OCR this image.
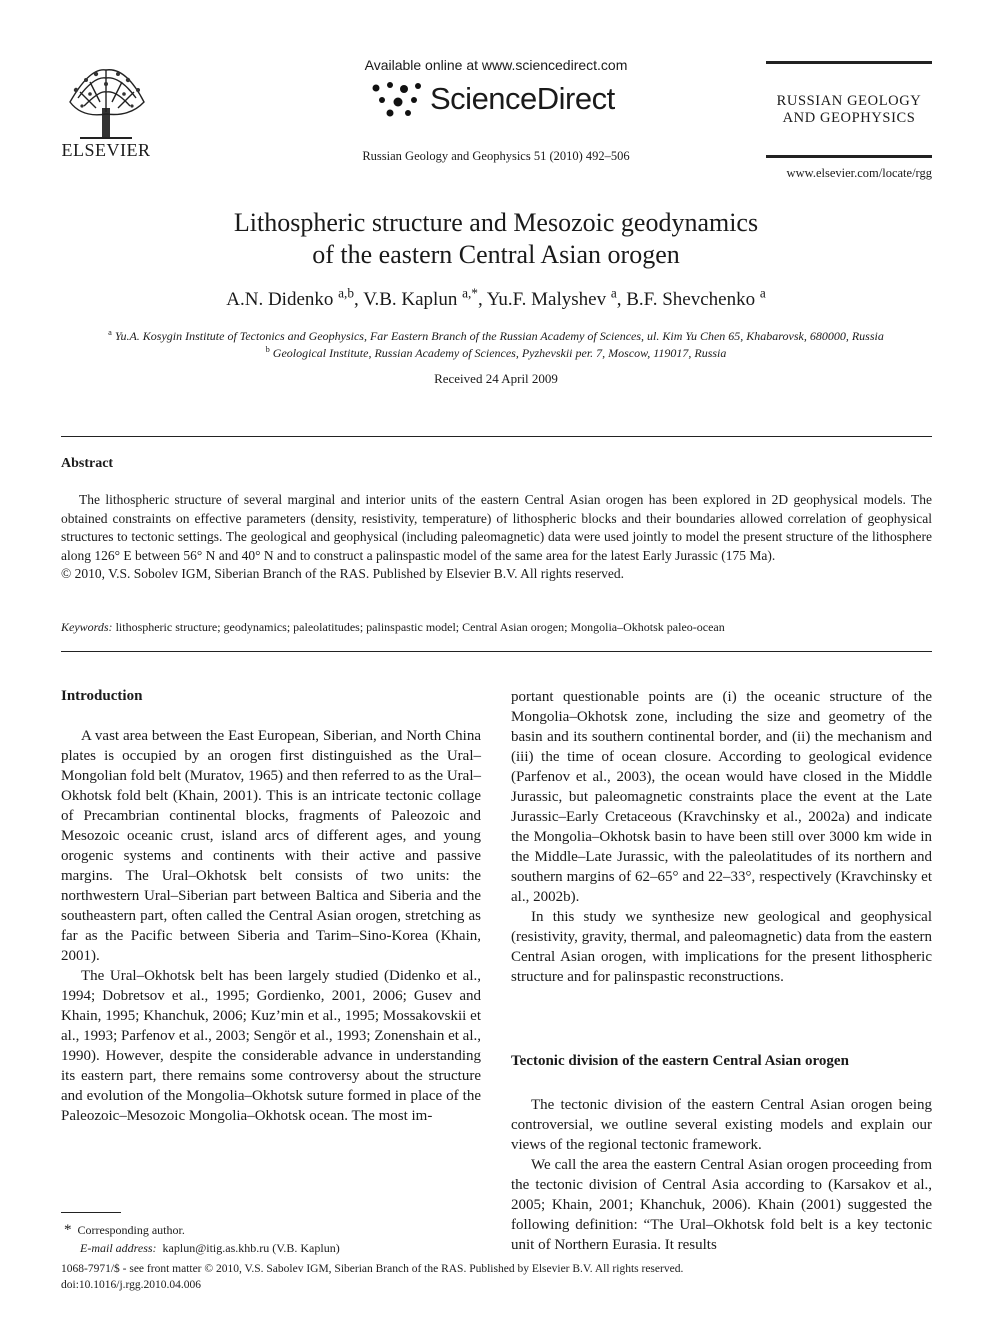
ELSEVIER
Available online at www.sciencedirect.com
ScienceDirect
Russian Geology and Geophysics 51 (2010) 492–506
RUSSIAN GEOLOGY
AND GEOPHYSICS
www.elsevier.com/locate/rgg
Lithospheric structure and Mesozoic geodynamics
of the eastern Central Asian orogen
A.N. Didenko $^{a,b}$, V.B. Kaplun $^{a,*}$, Yu.F. Malyshev $^a$, B.F. Shevchenko $^a$
$^a$ Yu.A. Kosygin Institute of Tectonics and Geophysics, Far Eastern Branch of the Russian Academy of Sciences, ul. Kim Yu Chen 65, Khabarovsk, 680000, Russia
$^b$ Geological Institute, Russian Academy of Sciences, Pyzhevskii per. 7, Moscow, 119017, Russia
Received 24 April 2009
Abstract
The lithospheric structure of several marginal and interior units of the eastern Central Asian orogen has been explored in 2D geophysical models. The obtained constraints on effective parameters (density, resistivity, temperature) of lithospheric blocks and their boundaries allowed correlation of geophysical structures to tectonic settings. The geological and geophysical (including paleomagnetic) data were used jointly to model the present structure of the lithosphere along 126° E between 56° N and 40° N and to construct a palinspastic model of the same area for the latest Early Jurassic (175 Ma).
© 2010, V.S. Sobolev IGM, Siberian Branch of the RAS. Published by Elsevier B.V. All rights reserved.
Keywords: lithospheric structure; geodynamics; paleolatitudes; palinspastic model; Central Asian orogen; Mongolia–Okhotsk paleo-ocean
Introduction

A vast area between the East European, Siberian, and North China plates is occupied by an orogen first distinguished as the Ural–Mongolian fold belt (Muratov, 1965) and then referred to as the Ural–Okhotsk fold belt (Khain, 2001). This is an intricate tectonic collage of Precambrian continental blocks, fragments of Paleozoic and Mesozoic oceanic crust, island arcs of different ages, and young orogenic systems and continents with their active and passive margins. The Ural–Okhotsk belt consists of two units: the northwestern Ural–Siberian part between Baltica and Siberia and the southeastern part, often called the Central Asian orogen, stretching as far as the Pacific between Siberia and Tarim–Sino-Korea (Khain, 2001).

The Ural–Okhotsk belt has been largely studied (Didenko et al., 1994; Dobretsov et al., 1995; Gordienko, 2001, 2006; Gusev and Khain, 1995; Khanchuk, 2006; Kuz’min et al., 1995; Mossakovskii et al., 1993; Parfenov et al., 2003; Sengör et al., 1993; Zonenshain et al., 1990). However, despite the considerable advance in understanding its eastern part, there remains some controversy about the structure and evolution of the Mongolia–Okhotsk suture formed in place of the Paleozoic–Mesozoic Mongolia–Okhotsk ocean. The most im-

portant questionable points are (i) the oceanic structure of the Mongolia–Okhotsk zone, including the size and geometry of the basin and its southern continental border, and (ii) the mechanism and (iii) the time of ocean closure. According to geological evidence (Parfenov et al., 2003), the ocean would have closed in the Middle Jurassic, but paleomagnetic constraints place the event at the Late Jurassic–Early Cretaceous (Kravchinsky et al., 2002a) and indicate the Mongolia–Okhotsk basin to have been still over 3000 km wide in the Middle–Late Jurassic, with the paleolatitudes of its northern and southern margins of 62–65° and 22–33°, respectively (Kravchinsky et al., 2002b).

In this study we synthesize new geological and geophysical (resistivity, gravity, thermal, and paleomagnetic) data from the eastern Central Asian orogen, with implications for the present lithospheric structure and for palinspastic reconstructions.

Tectonic division of the eastern Central Asian orogen

The tectonic division of the eastern Central Asian orogen being controversial, we outline several existing models and explain our views of the regional tectonic framework.

We call the area the eastern Central Asian orogen proceeding from the tectonic division of Central Asia according to (Karsakov et al., 2005; Khain, 2001; Khanchuk, 2006). Khain (2001) suggested the following definition: “The Ural–Okhotsk fold belt is a key tectonic unit of Northern Eurasia. It results

* Corresponding author.
E-mail address: kaplun@itig.as.khb.ru (V.B. Kaplun)
1068-7971/$ - see front matter © 2010, V.S. Sabolev IGM, Siberian Branch of the RAS. Published by Elsevier B.V. All rights reserved.
doi:10.1016/j.rgg.2010.04.006
